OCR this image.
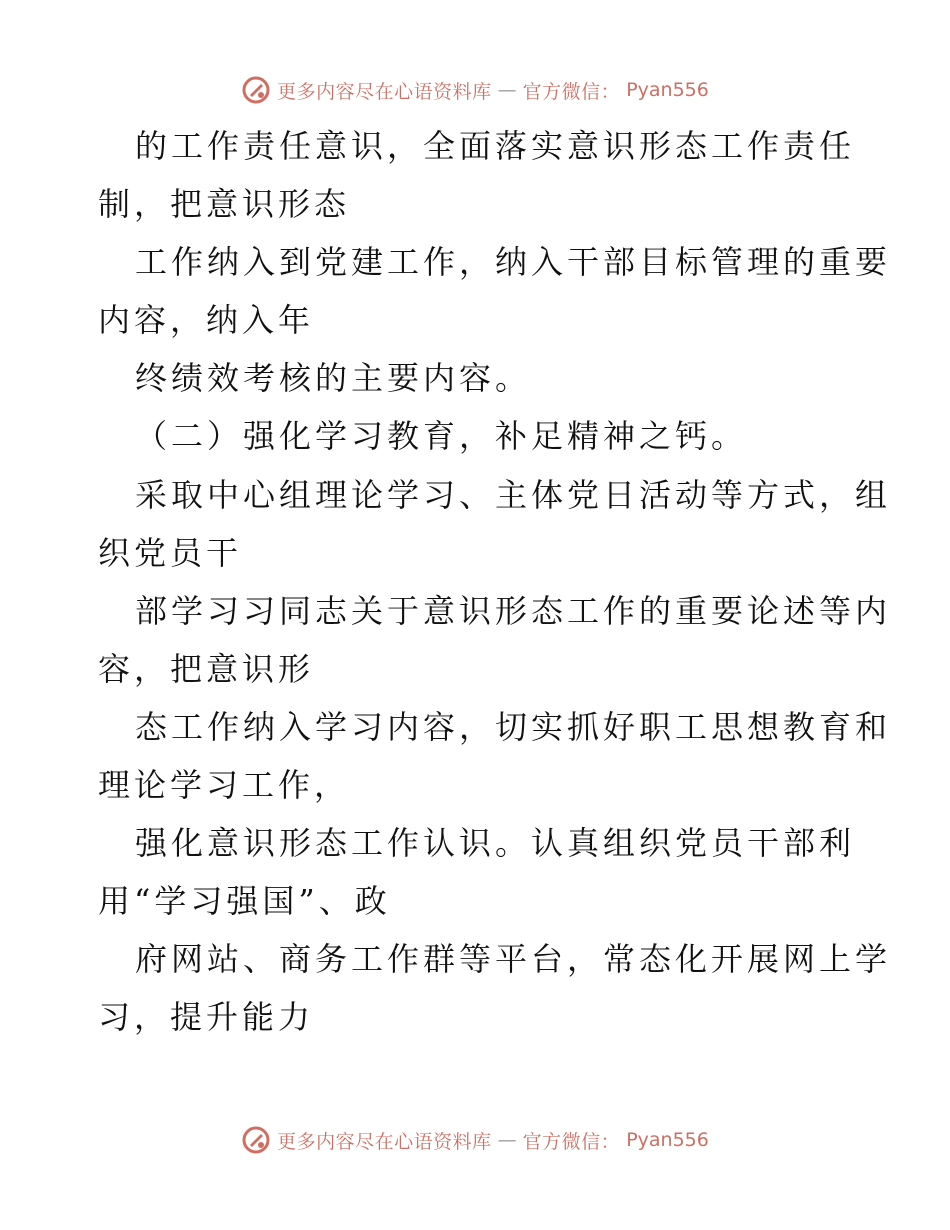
更多内容尽在心语资料库 — 官方微信： Pyan556
的工作责任意识，全面落实意识形态工作责任
制，把意识形态
工作纳入到党建工作，纳入干部目标管理的重要
内容，纳入年
终绩效考核的主要内容。
（二）强化学习教育，补足精神之钙。
采取中心组理论学习、主体党日活动等方式，组
织党员干
部学习习同志关于意识形态工作的重要论述等内
容，把意识形
态工作纳入学习内容，切实抓好职工思想教育和
理论学习工作，
强化意识形态工作认识。认真组织党员干部利
用“学习强国”、政
府网站、商务工作群等平台，常态化开展网上学
习，提升能力
更多内容尽在心语资料库 — 官方微信： Pyan556
